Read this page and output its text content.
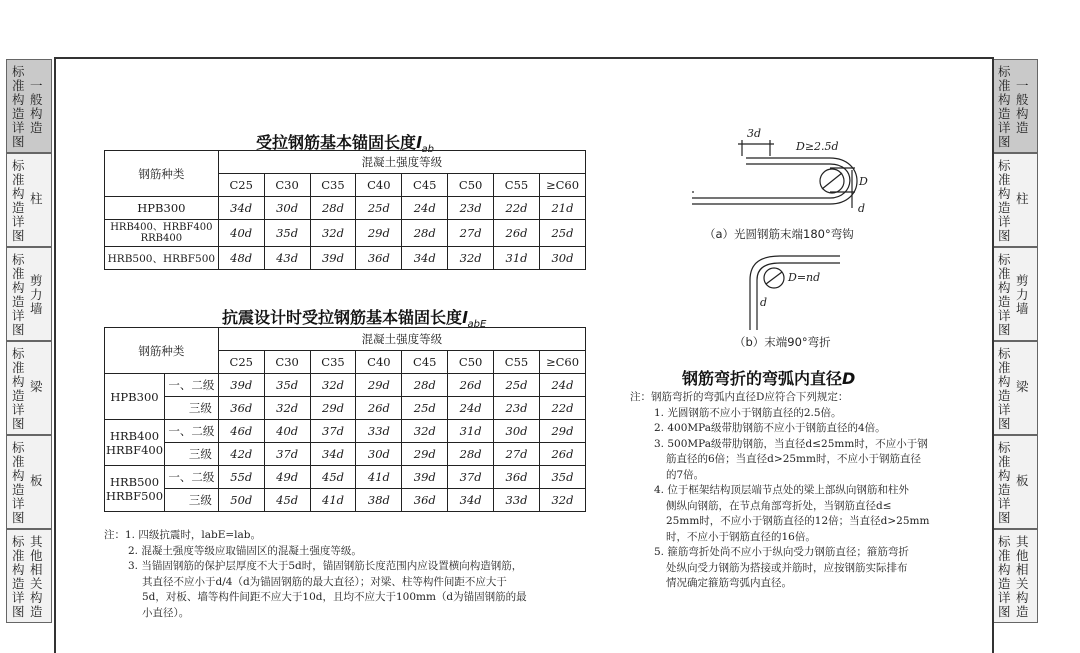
标准构造详图
一般构造
标准构造详图
柱
标准构造详图
剪力墙
标准构造详图
梁
标准构造详图
板
标准构造详图
其他相关构造
标准构造详图
一般构造
标准构造详图
柱
标准构造详图
剪力墙
标准构造详图
梁
标准构造详图
板
标准构造详图
其他相关构造
受拉钢筋基本锚固长度$l_{ab}$
钢筋种类	混凝土强度等级							
	C25	C30	C35	C40	C45	C50	C55	≥C60
HPB300	34d	30d	28d	25d	24d	23d	22d	21d
HRB400、HRBF400 RRB400	40d	35d	32d	29d	28d	27d	26d	25d
HRB500、HRBF500	48d	43d	39d	36d	34d	32d	31d	30d
抗震设计时受拉钢筋基本锚固长度$l_{abE}$
钢筋种类		混凝土强度等级							
		C25	C30	C35	C40	C45	C50	C55	≥C60
HPB300	一、二级	39d	35d	32d	29d	28d	26d	25d	24d
	三级	36d	32d	29d	26d	25d	24d	23d	22d
HRB400 HRBF400	一、二级	46d	40d	37d	33d	32d	31d	30d	29d
	三级	42d	37d	34d	30d	29d	28d	27d	26d
HRB500 HRBF500	一、二级	55d	49d	45d	41d	39d	37d	36d	35d
	三级	50d	45d	41d	38d	36d	34d	33d	32d
注：1. 四级抗震时，labE=lab。
2. 混凝土强度等级应取锚固区的混凝土强度等级。
3. 当锚固钢筋的保护层厚度不大于5d时，锚固钢筋长度范围内应设置横向构造钢筋，
其直径不应小于d/4（d为锚固钢筋的最大直径）；对梁、柱等构件间距不应大于
5d，对板、墙等构件间距不应大于10d，且均不应大于100mm（d为锚固钢筋的最
小直径）。
3d
D≥2.5d
D
d
（a）光圆钢筋末端180°弯钩
D=nd
d
（b）末端90°弯折
钢筋弯折的弯弧内直径D
注：钢筋弯折的弯弧内直径D应符合下列规定：
1. 光圆钢筋不应小于钢筋直径的2.5倍。
2. 400MPa级带肋钢筋不应小于钢筋直径的4倍。
3. 500MPa级带肋钢筋，当直径d≤25mm时，不应小于钢
筋直径的6倍；当直径d>25mm时，不应小于钢筋直径
的7倍。
4. 位于框架结构顶层端节点处的梁上部纵向钢筋和柱外
侧纵向钢筋，在节点角部弯折处，当钢筋直径d≤
25mm时，不应小于钢筋直径的12倍；当直径d>25mm
时，不应小于钢筋直径的16倍。
5. 箍筋弯折处尚不应小于纵向受力钢筋直径；箍筋弯折
处纵向受力钢筋为搭接或并筋时，应按钢筋实际排布
情况确定箍筋弯弧内直径。
